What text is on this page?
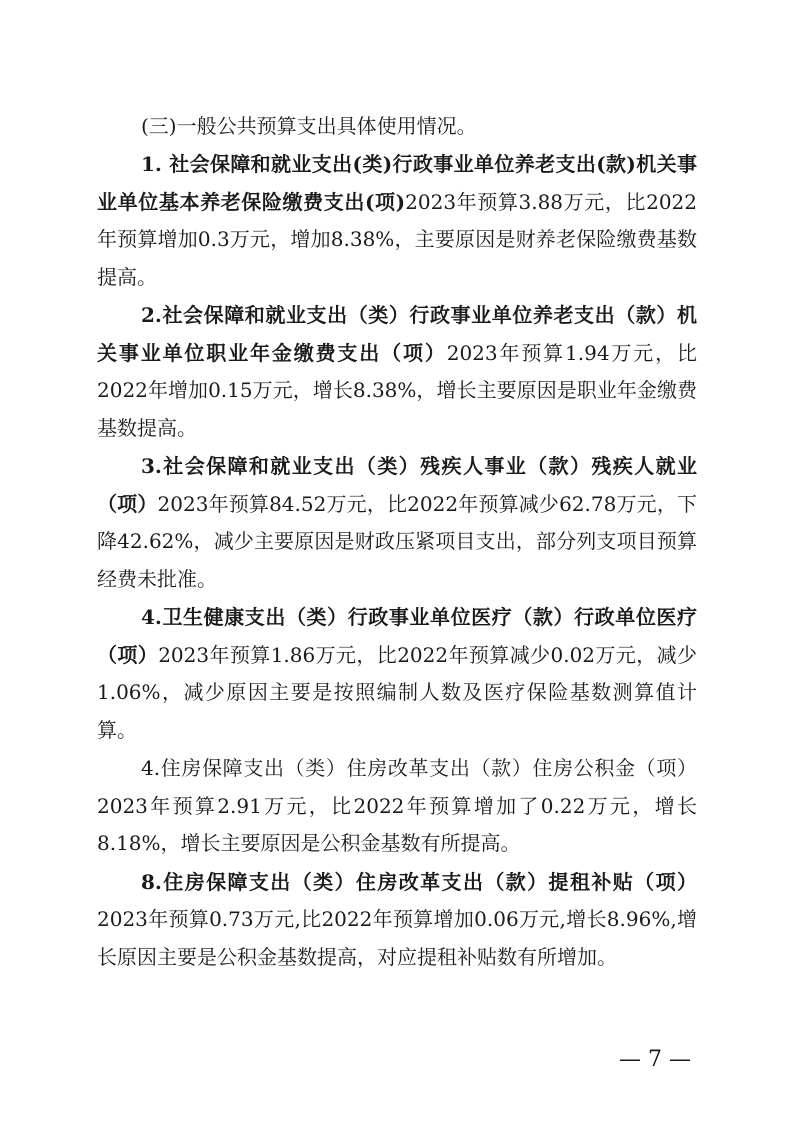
(三)一般公共预算支出具体使用情况。

1. 社会保障和就业支出(类)行政事业单位养老支出(款)机关事业单位基本养老保险缴费支出(项)2023年预算3.88万元，比2022年预算增加0.3万元，增加8.38%，主要原因是财养老保险缴费基数提高。

2.社会保障和就业支出（类）行政事业单位养老支出（款）机关事业单位职业年金缴费支出（项）2023年预算1.94万元，比2022年增加0.15万元，增长8.38%，增长主要原因是职业年金缴费基数提高。

3.社会保障和就业支出（类）残疾人事业（款）残疾人就业（项）2023年预算84.52万元，比2022年预算减少62.78万元，下降42.62%，减少主要原因是财政压紧项目支出，部分列支项目预算经费未批准。

4.卫生健康支出（类）行政事业单位医疗（款）行政单位医疗（项）2023年预算1.86万元，比2022年预算减少0.02万元，减少1.06%，减少原因主要是按照编制人数及医疗保险基数测算值计算。

4.住房保障支出（类）住房改革支出（款）住房公积金（项）2023年预算2.91万元，比2022年预算增加了0.22万元，增长8.18%，增长主要原因是公积金基数有所提高。

8.住房保障支出（类）住房改革支出（款）提租补贴（项）2023年预算0.73万元,比2022年预算增加0.06万元,增长8.96%,增长原因主要是公积金基数提高，对应提租补贴数有所增加。

— 7 —
